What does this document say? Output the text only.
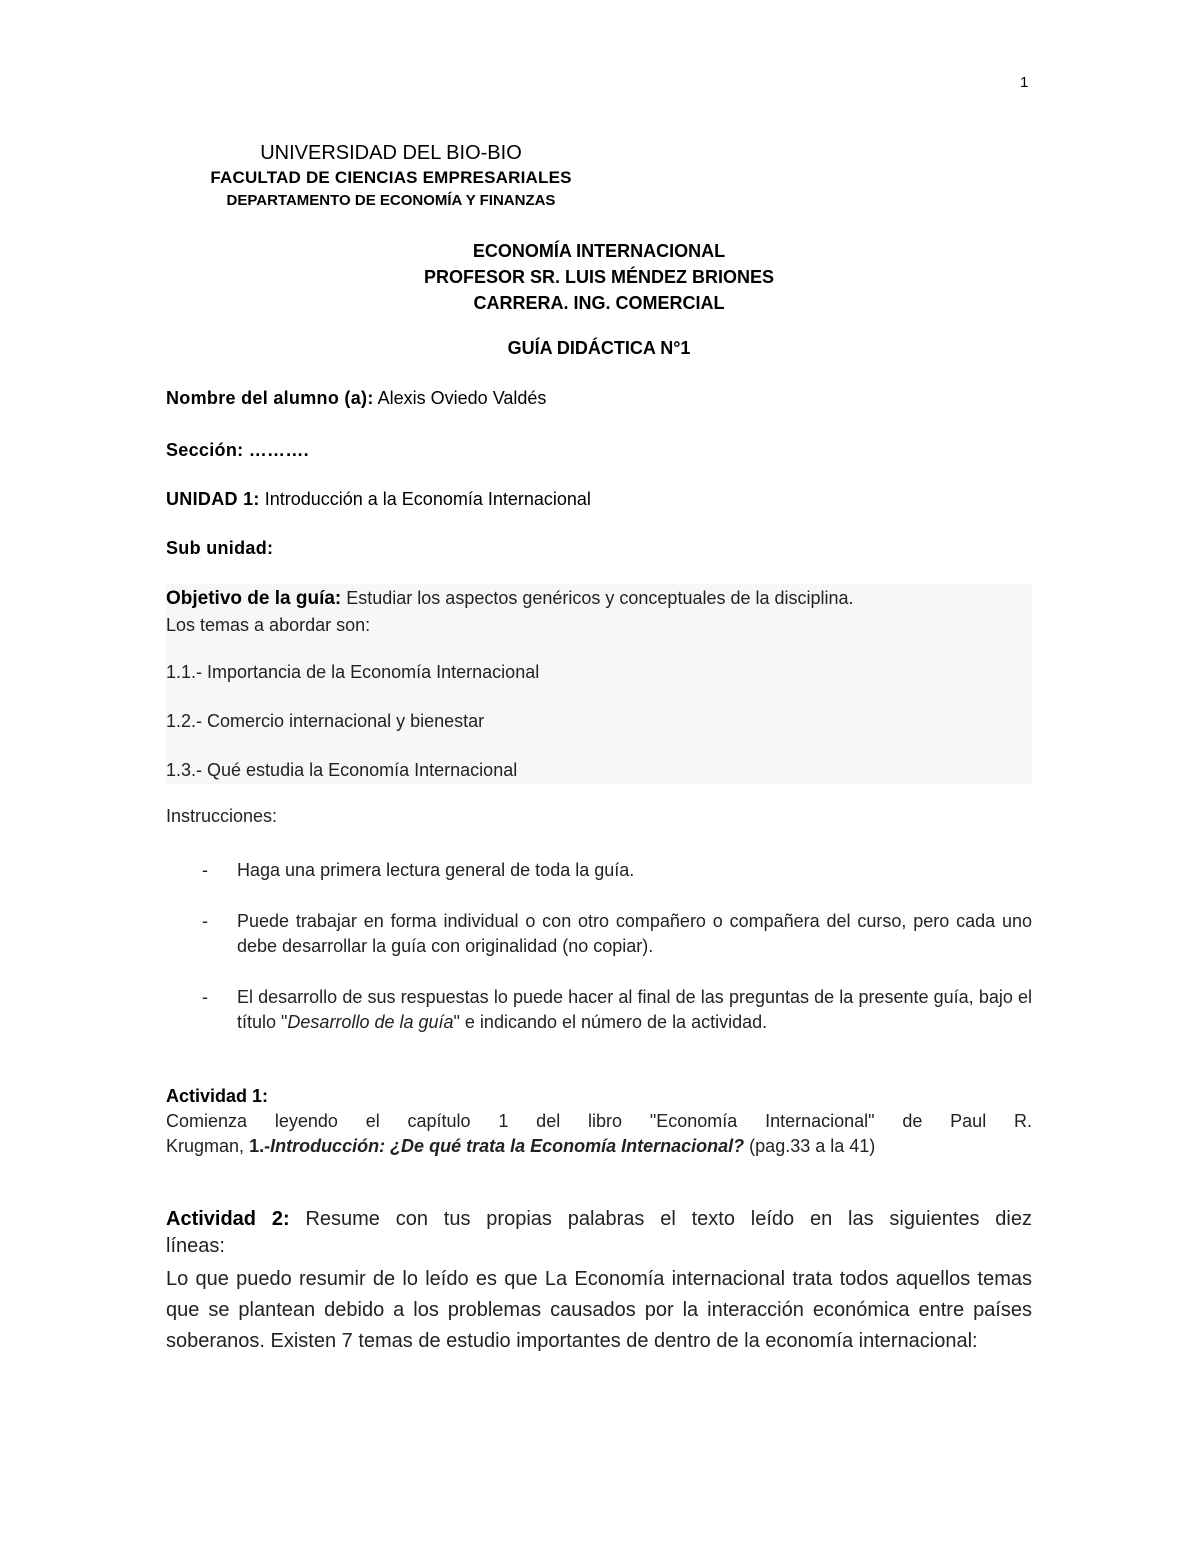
1
UNIVERSIDAD DEL BIO-BIO
FACULTAD DE CIENCIAS EMPRESARIALES
DEPARTAMENTO DE ECONOMÍA Y FINANZAS
ECONOMÍA INTERNACIONAL
PROFESOR SR. LUIS MÉNDEZ BRIONES
CARRERA. ING. COMERCIAL
GUÍA DIDÁCTICA N°1
Nombre del alumno (a): Alexis Oviedo Valdés
Sección: ……….
UNIDAD 1: Introducción a la Economía Internacional
Sub unidad:
Objetivo de la guía: Estudiar los aspectos genéricos y conceptuales de la disciplina.
Los temas a abordar son:
1.1.- Importancia de la Economía Internacional
1.2.- Comercio internacional y bienestar
1.3.- Qué estudia la Economía Internacional
Instrucciones:
- Haga una primera lectura general de toda la guía.
- Puede trabajar en forma individual o con otro compañero o compañera del curso, pero cada uno debe desarrollar la guía con originalidad (no copiar).
- El desarrollo de sus respuestas lo puede hacer al final de las preguntas de la presente guía, bajo el título "Desarrollo de la guía" e indicando el número de la actividad.
Actividad 1:
Comienza leyendo el capítulo 1 del libro "Economía Internacional" de Paul R.
Krugman, 1.-Introducción: ¿De qué trata la Economía Internacional? (pag.33 a la 41)
Actividad 2: Resume con tus propias palabras el texto leído en las siguientes diez
líneas:
Lo que puedo resumir de lo leído es que La Economía internacional trata todos aquellos temas que se plantean debido a los problemas causados por la interacción económica entre países soberanos. Existen 7 temas de estudio importantes de dentro de la economía internacional:
